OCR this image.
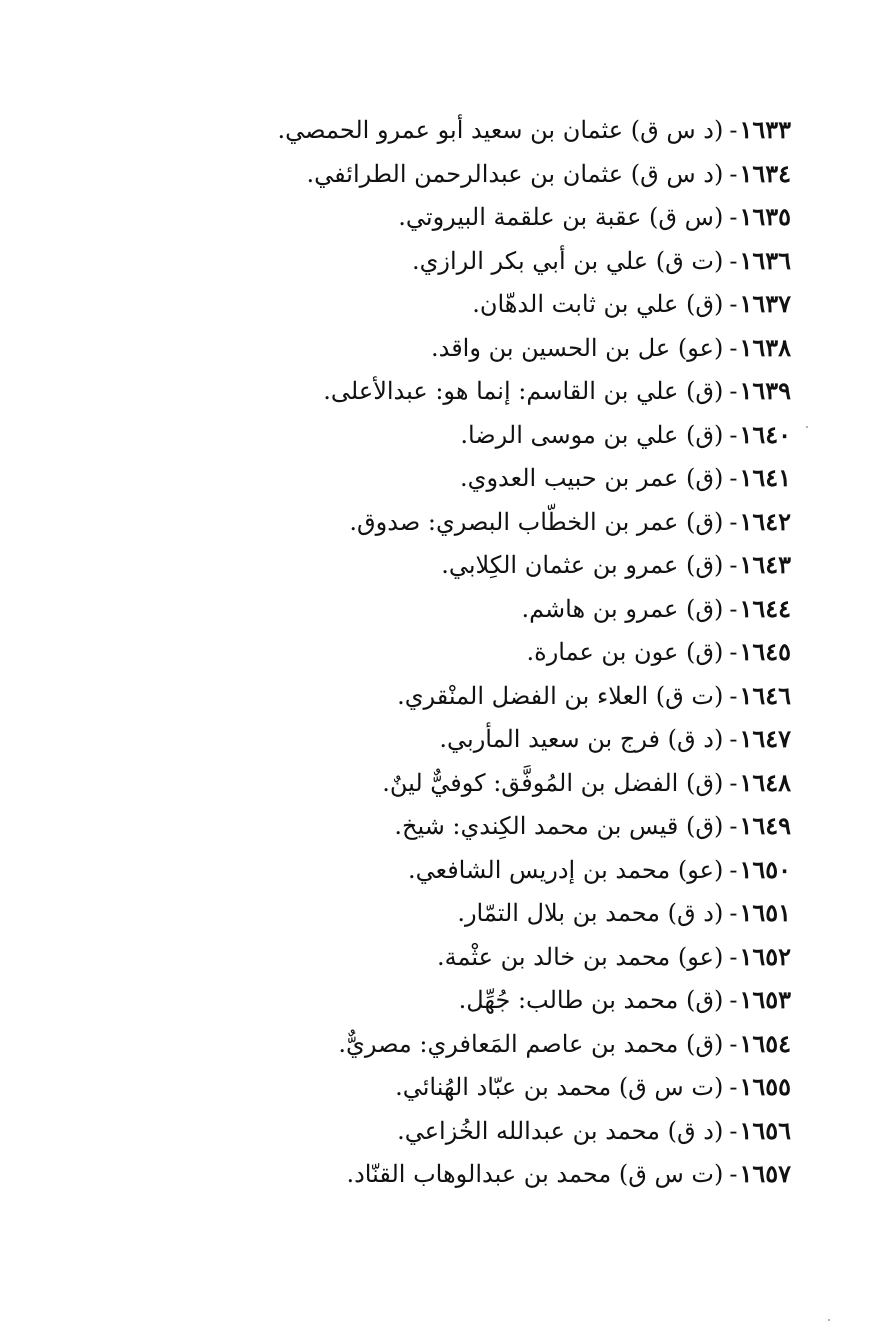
١٦٣٣-(د س ق) عثمان بن سعيد أبو عمرو الحمصي.
١٦٣٤-(د س ق) عثمان بن عبدالرحمن الطرائفي.
١٦٣٥-(س ق) عقبة بن علقمة البيروتي.
١٦٣٦-(ت ق) علي بن أبي بكر الرازي.
١٦٣٧-(ق) علي بن ثابت الدهّان.
١٦٣٨-(عو) عل بن الحسين بن واقد.
١٦٣٩-(ق) علي بن القاسم: إنما هو: عبدالأعلى.
١٦٤٠-(ق) علي بن موسى الرضا.
١٦٤١-(ق) عمر بن حبيب العدوي.
١٦٤٢-(ق) عمر بن الخطّاب البصري: صدوق.
١٦٤٣-(ق) عمرو بن عثمان الكِلابي.
١٦٤٤-(ق) عمرو بن هاشم.
١٦٤٥-(ق) عون بن عمارة.
١٦٤٦-(ت ق) العلاء بن الفضل المنْقري.
١٦٤٧-(د ق) فرج بن سعيد المأربي.
١٦٤٨-(ق) الفضل بن المُوفَّق: كوفيٌّ لينٌ.
١٦٤٩-(ق) قيس بن محمد الكِندي: شيخ.
١٦٥٠-(عو) محمد بن إدريس الشافعي.
١٦٥١-(د ق) محمد بن بلال التمّار.
١٦٥٢-(عو) محمد بن خالد بن عثْمة.
١٦٥٣-(ق) محمد بن طالب: جُهِّل.
١٦٥٤-(ق) محمد بن عاصم المَعافري: مصريٌّ.
١٦٥٥-(ت س ق) محمد بن عبّاد الهُنائي.
١٦٥٦-(د ق) محمد بن عبدالله الخُزاعي.
١٦٥٧-(ت س ق) محمد بن عبدالوهاب القنّاد.
